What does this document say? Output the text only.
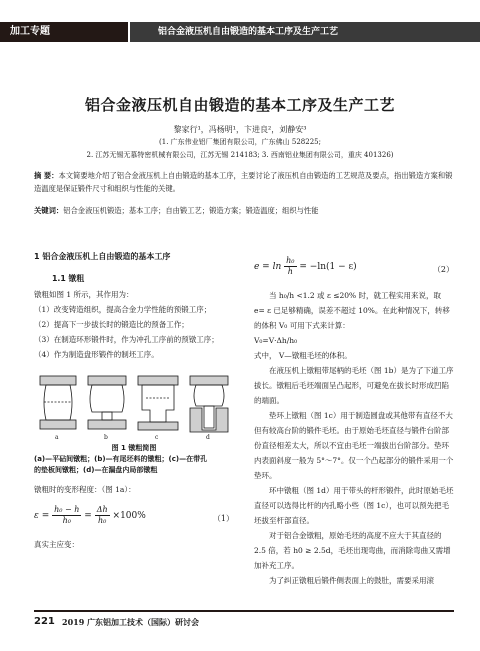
加工专题	铝合金液压机自由锻造的基本工序及生产工艺
铝合金液压机自由锻造的基本工序及生产工艺
黎家行¹，冯杨明¹，卞进良²，刘静安³
(1. 广东伟业铝厂集团有限公司，广东佛山 528225;
2. 江苏无锡无慕特密机械有限公司，江苏无锡 214183; 3. 西南铝业集团有限公司，重庆 401326)
摘 要：本文简要地介绍了铝合金液压机上自由锻造的基本工序，主要讨论了液压机自由锻造的工艺规范及要点，指出锻造方案和锻造温度是保证锻件尺寸和组织与性能的关键。
关键词：铝合金液压机锻造；基本工序；自由锻工艺；锻造方案；锻造温度；组织与性能
1 铝合金液压机上自由锻造的基本工序
1.1 镦粗
镦粗如图 1 所示，其作用为：
（1）改变铸造组织，提高合金力学性能的预锻工序；
（2）提高下一步拔长时的锻造比的预备工作；
（3）在制造环形锻件时，作为冲孔工序前的预镦工序；
（4）作为制造盘形锻件的制坯工序。
a	b	c	d
图 1 镦粗简图
(a)—平砧间镦粗；(b)—有尾坯料的镦粗；(c)—在带孔
的垫板间镦粗；(d)—在漏盘内局部镦粗
镦粗时的变形程度：（图 1a）：
$\varepsilon = \frac{\text{h₀ − h}}{\text{h₀}} = \frac{\Delta h}{\text{h₀}} \times 100\%$	（1）
真实主应变：
$e = \ln \frac{\text{h₀}}{h} = -\ln(1 - \varepsilon)$	（2）
当 h₀/h <1.2 或 ε ≤20% 时，就工程实用来说，取 e= ε 已足够精确，误差不超过 10%。在此种情况下，转移的体积 V₀ 可用下式来计算：
V₀=V·Δh/h₀
式中， V—镦粗毛坯的体积。
在液压机上镦粗带尾柄的毛坯（图 1b）是为了下道工序拔长。镦粗后毛坯端面呈凸起形，可避免在拔长时形成凹陷的端面。
垫环上镦粗（图 1c）用于制造圆盘或其他带有直径不大但有较高台阶的锻件毛坯。由于原始毛坯直径与锻件台阶部份直径相差太大，所以不宜由毛坯一端拔出台阶部分。垫环内表面斜度一般为 5°～7°。仅一个凸起部分的锻件采用一个垫环。
环中镦粗（图 1d）用于带头的杆形锻件，此时原始毛坯直径可以选得比杆的内孔略小些（图 1c），也可以预先把毛坯拔至杆部直径。
对于铝合金镦粗，原始毛坯的高度不应大于其直径的 2.5 倍，若 h0 ≥ 2.5d，毛坯出现弯曲，而消除弯曲又需增加补充工序。
为了纠正镦粗后锻件侧表面上的鼓肚，需要采用滚
221 2019 广东铝加工技术（国际）研讨会
